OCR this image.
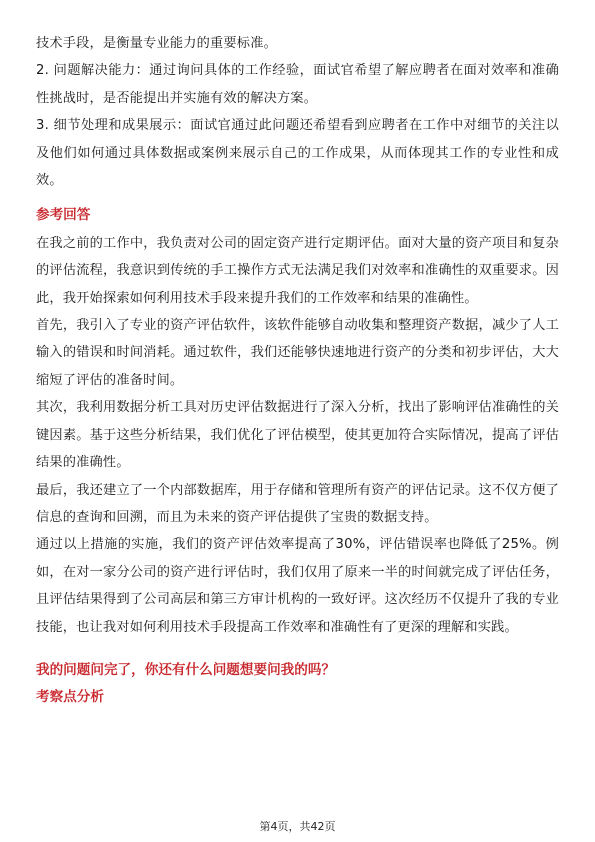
技术手段，是衡量专业能力的重要标准。

2. 问题解决能力：通过询问具体的工作经验，面试官希望了解应聘者在面对效率和准确性挑战时，是否能提出并实施有效的解决方案。

3. 细节处理和成果展示：面试官通过此问题还希望看到应聘者在工作中对细节的关注以及他们如何通过具体数据或案例来展示自己的工作成果，从而体现其工作的专业性和成效。

参考回答

在我之前的工作中，我负责对公司的固定资产进行定期评估。面对大量的资产项目和复杂的评估流程，我意识到传统的手工操作方式无法满足我们对效率和准确性的双重要求。因此，我开始探索如何利用技术手段来提升我们的工作效率和结果的准确性。

首先，我引入了专业的资产评估软件，该软件能够自动收集和整理资产数据，减少了人工输入的错误和时间消耗。通过软件，我们还能够快速地进行资产的分类和初步评估，大大缩短了评估的准备时间。

其次，我利用数据分析工具对历史评估数据进行了深入分析，找出了影响评估准确性的关键因素。基于这些分析结果，我们优化了评估模型，使其更加符合实际情况，提高了评估结果的准确性。

最后，我还建立了一个内部数据库，用于存储和管理所有资产的评估记录。这不仅方便了信息的查询和回溯，而且为未来的资产评估提供了宝贵的数据支持。

通过以上措施的实施，我们的资产评估效率提高了30%，评估错误率也降低了25%。例如，在对一家分公司的资产进行评估时，我们仅用了原来一半的时间就完成了评估任务，且评估结果得到了公司高层和第三方审计机构的一致好评。这次经历不仅提升了我的专业技能，也让我对如何利用技术手段提高工作效率和准确性有了更深的理解和实践。

我的问题问完了，你还有什么问题想要问我的吗？

考察点分析

第4页，共42页
